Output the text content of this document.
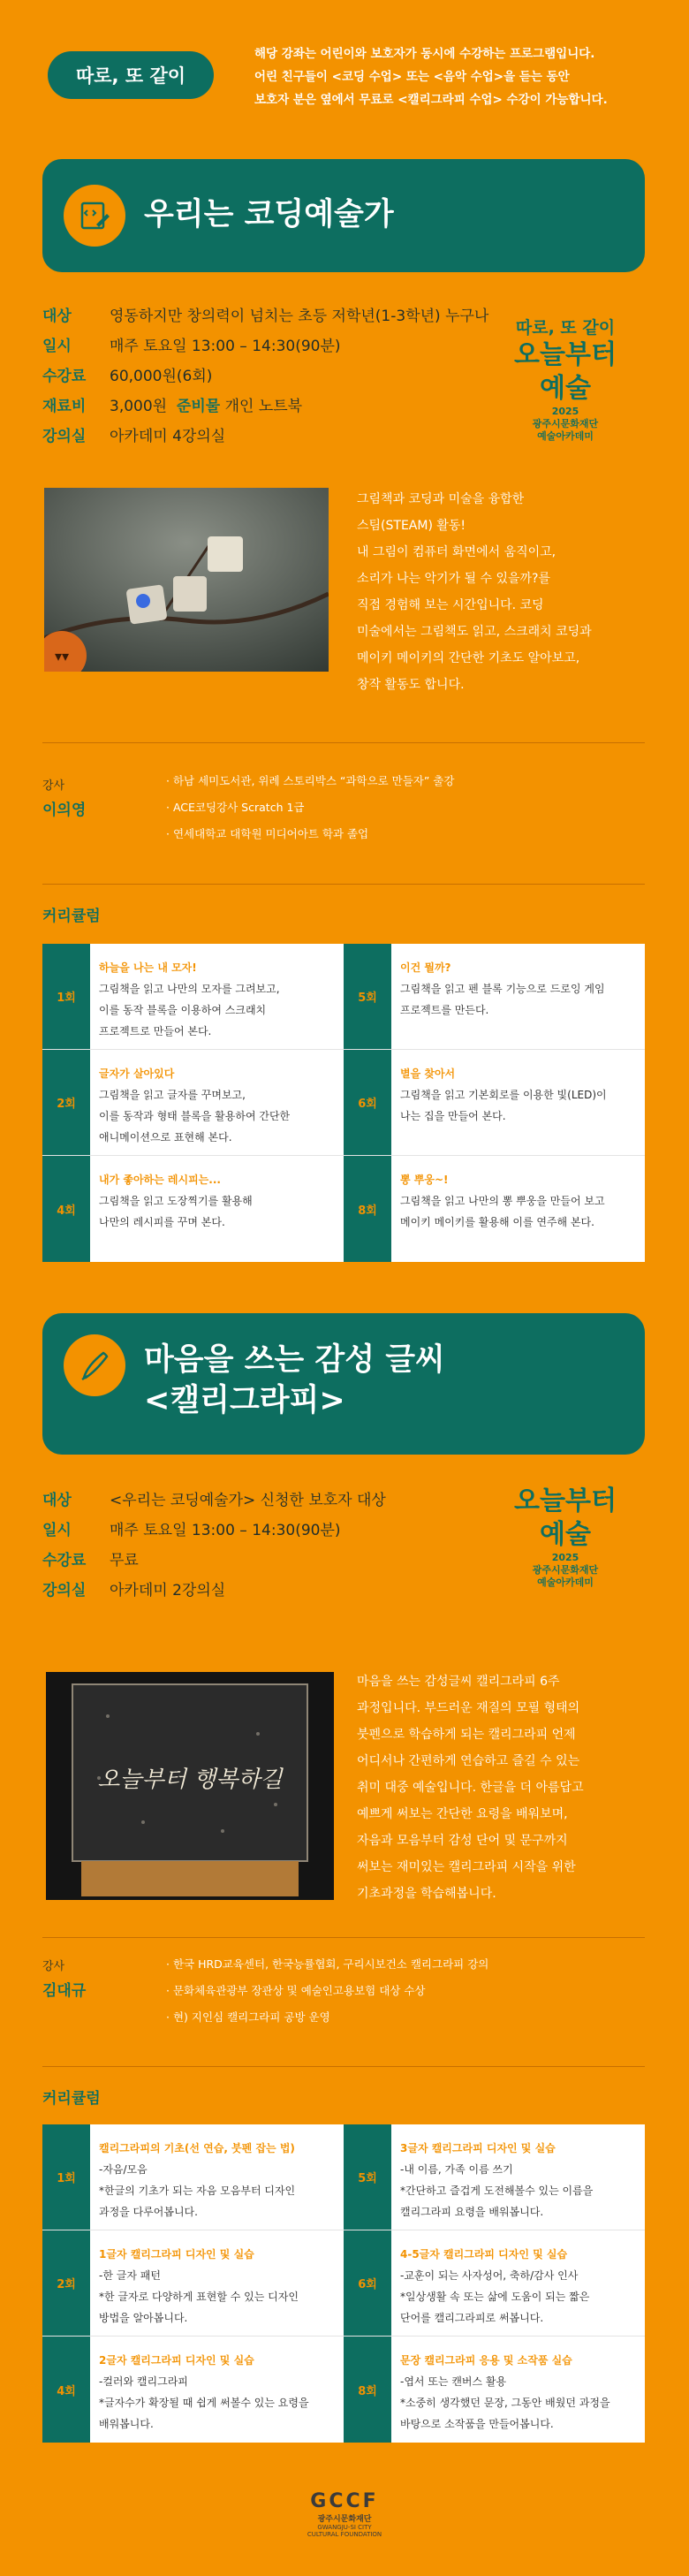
따로, 또 같이
해당 강좌는 어린이와 보호자가 동시에 수강하는 프로그램입니다.
어린 친구들이 <코딩 수업> 또는 <음악 수업>을 듣는 동안
보호자 분은 옆에서 무료로 <캘리그라피 수업> 수강이 가능합니다.
우리는 코딩예술가
대상	영동하지만 창의력이 넘치는 초등 저학년(1-3학년) 누구나
일시	매주 토요일 13:00 – 14:30(90분)
수강료	60,000원(6회)
재료비	3,000원 준비물 개인 노트북
강의실	아카데미 4강의실
따로, 또 같이
오늘부터
예술
2025
광주시문화재단
예술아카데미
▾▾
그림책과 코딩과 미술을 융합한
스팀(STEAM) 활동!
내 그림이 컴퓨터 화면에서 움직이고,
소리가 나는 악기가 될 수 있을까?를
직접 경험해 보는 시간입니다. 코딩
미술에서는 그림책도 읽고, 스크래치 코딩과
메이키 메이키의 간단한 기초도 알아보고,
창작 활동도 합니다.
강사
이의영
· 하남 세미도서관, 위례 스토리박스 “과학으로 만들자” 출강
· ACE코딩강사 Scratch 1급
· 연세대학교 대학원 미디어아트 학과 졸업
커리큘럼
1회
하늘을 나는 내 모자!
그림책을 읽고 나만의 모자를 그려보고,
이를 동작 블록을 이용하여 스크래치
프로젝트로 만들어 본다.
5회
이건 뭘까?
그림책을 읽고 펜 블록 기능으로 드로잉 게임
프로젝트를 만든다.
2회
글자가 살아있다
그림책을 읽고 글자를 꾸며보고,
이를 동작과 형태 블록을 활용하여 간단한
애니메이션으로 표현해 본다.
6회
별을 찾아서
그림책을 읽고 기본회로를 이용한 빛(LED)이
나는 집을 만들어 본다.
4회
내가 좋아하는 레시피는...
그림책을 읽고 도장찍기를 활용해
나만의 레시피를 꾸며 본다.
8회
뽕 뿌웅~!
그림책을 읽고 나만의 뽕 뿌웅을 만들어 보고
메이키 메이키를 활용해 이를 연주해 본다.
마음을 쓰는 감성 글씨
<캘리그라피>
대상	<우리는 코딩예술가> 신청한 보호자 대상
일시	매주 토요일 13:00 – 14:30(90분)
수강료	무료
강의실	아카데미 2강의실
오늘부터
예술
2025
광주시문화재단
예술아카데미
오늘부터 행복하길
마음을 쓰는 감성글씨 캘리그라피 6주
과정입니다. 부드러운 재질의 모필 형태의
붓펜으로 학습하게 되는 캘리그라피 언제
어디서나 간편하게 연습하고 즐길 수 있는
취미 대중 예술입니다. 한글을 더 아름답고
예쁘게 써보는 간단한 요령을 배워보며,
자음과 모음부터 감성 단어 및 문구까지
써보는 재미있는 캘리그라피 시작을 위한
기초과정을 학습해봅니다.
강사
김대규
· 한국 HRD교육센터, 한국능률협회, 구리시보건소 캘리그라피 강의
· 문화체육관광부 장관상 및 예술인고용보험 대상 수상
· 현) 지인심 캘리그라피 공방 운영
커리큘럼
1회
캘리그라피의 기초(선 연습, 붓펜 잡는 법)
-자음/모음
*한글의 기초가 되는 자음 모음부터 디자인
과정을 다루어봅니다.
5회
3글자 캘리그라피 디자인 및 실습
-내 이름, 가족 이름 쓰기
*간단하고 즐겁게 도전해볼수 있는 이름을
캘리그라피 요령을 배워봅니다.
2회
1글자 캘리그라피 디자인 및 실습
-한 글자 패턴
*한 글자로 다양하게 표현할 수 있는 디자인
방법을 알아봅니다.
6회
4-5글자 캘리그라피 디자인 및 실습
-교훈이 되는 사자성어, 축하/감사 인사
*일상생활 속 또는 삶에 도움이 되는 짧은
단어를 캘리그라피로 써봅니다.
4회
2글자 캘리그라피 디자인 및 실습
-컬러와 캘리그라피
*글자수가 확장될 때 쉽게 써볼수 있는 요령을
배워봅니다.
8회
문장 캘리그라피 응용 및 소작품 실습
-엽서 또는 캔버스 활용
*소중히 생각했던 문장, 그동안 배웠던 과정을
바탕으로 소작품을 만들어봅니다.
GCCF
광주시문화재단
GWANGJU-SI CITY
CULTURAL FOUNDATION
